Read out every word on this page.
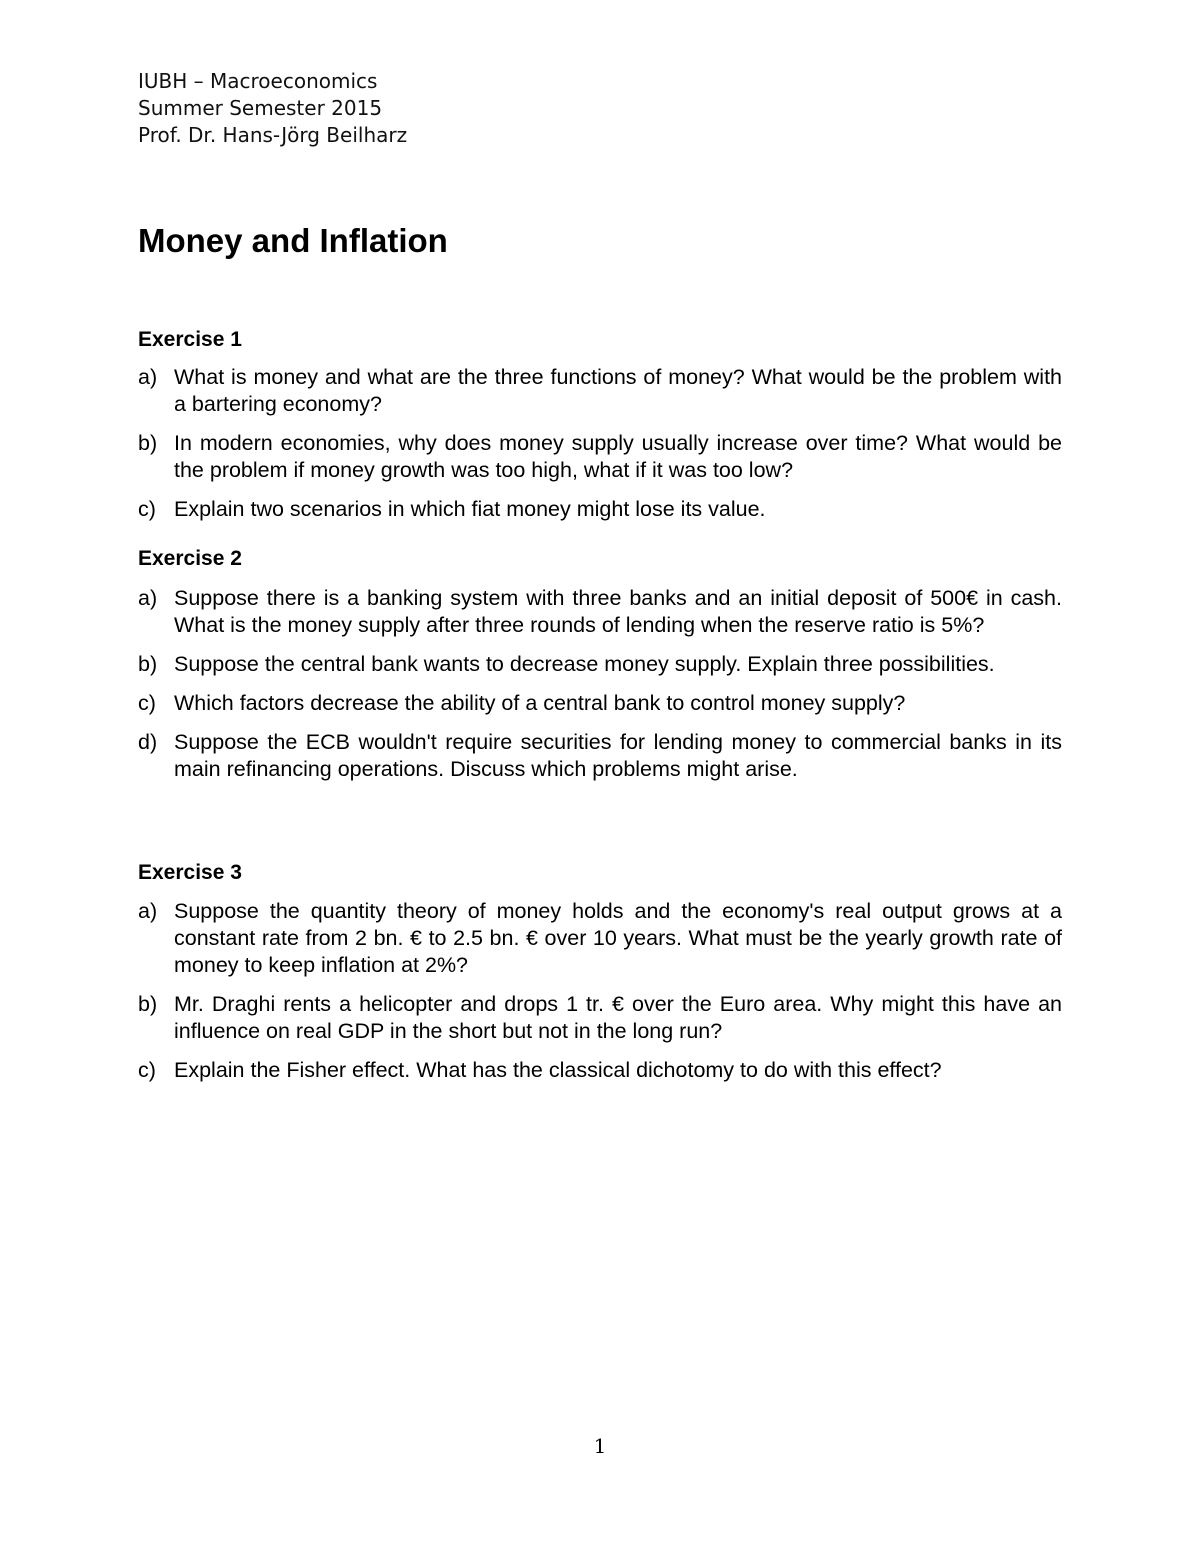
IUBH – Macroeconomics
Summer Semester 2015
Prof. Dr. Hans-Jörg Beilharz
Money and Inflation
Exercise 1
a) What is money and what are the three functions of money? What would be the problem with a bartering economy?
b) In modern economies, why does money supply usually increase over time? What would be the problem if money growth was too high, what if it was too low?
c) Explain two scenarios in which fiat money might lose its value.
Exercise 2
a) Suppose there is a banking system with three banks and an initial deposit of 500€ in cash. What is the money supply after three rounds of lending when the reserve ratio is 5%?
b) Suppose the central bank wants to decrease money supply. Explain three possibilities.
c) Which factors decrease the ability of a central bank to control money supply?
d) Suppose the ECB wouldn't require securities for lending money to commercial banks in its main refinancing operations. Discuss which problems might arise.
Exercise 3
a) Suppose the quantity theory of money holds and the economy's real output grows at a constant rate from 2 bn. € to 2.5 bn. € over 10 years. What must be the yearly growth rate of money to keep inflation at 2%?
b) Mr. Draghi rents a helicopter and drops 1 tr. € over the Euro area. Why might this have an influence on real GDP in the short but not in the long run?
c) Explain the Fisher effect. What has the classical dichotomy to do with this effect?
1
